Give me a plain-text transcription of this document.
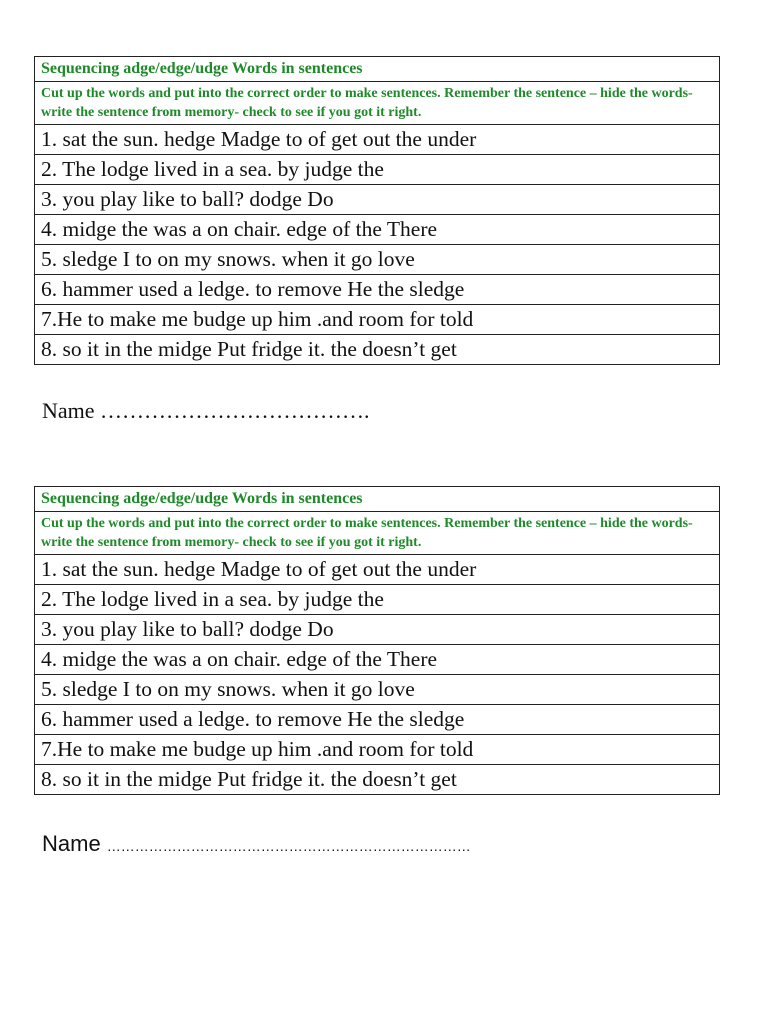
Sequencing adge/edge/udge Words in sentences
Cut up the words and put into the correct order to make sentences. Remember the sentence – hide the words- write the sentence from memory- check to see if you got it right.
1. sat the sun. hedge Madge to of get out the under
2. The lodge lived in a sea. by judge the
3. you play like to ball? dodge Do
4. midge the was a on chair. edge of the There
5. sledge I to on my snows. when it go love
6. hammer used a ledge. to remove He the sledge
7.He to make me budge up him .and room for told
8. so it in the midge Put fridge it. the doesn’t get
Name ……………………………….
Sequencing adge/edge/udge Words in sentences
Cut up the words and put into the correct order to make sentences. Remember the sentence – hide the words- write the sentence from memory- check to see if you got it right.
1. sat the sun. hedge Madge to of get out the under
2. The lodge lived in a sea. by judge the
3. you play like to ball? dodge Do
4. midge the was a on chair. edge of the There
5. sledge I to on my snows. when it go love
6. hammer used a ledge. to remove He the sledge
7.He to make me budge up him .and room for told
8. so it in the midge Put fridge it. the doesn’t get
Name ……………………………………………………………………
